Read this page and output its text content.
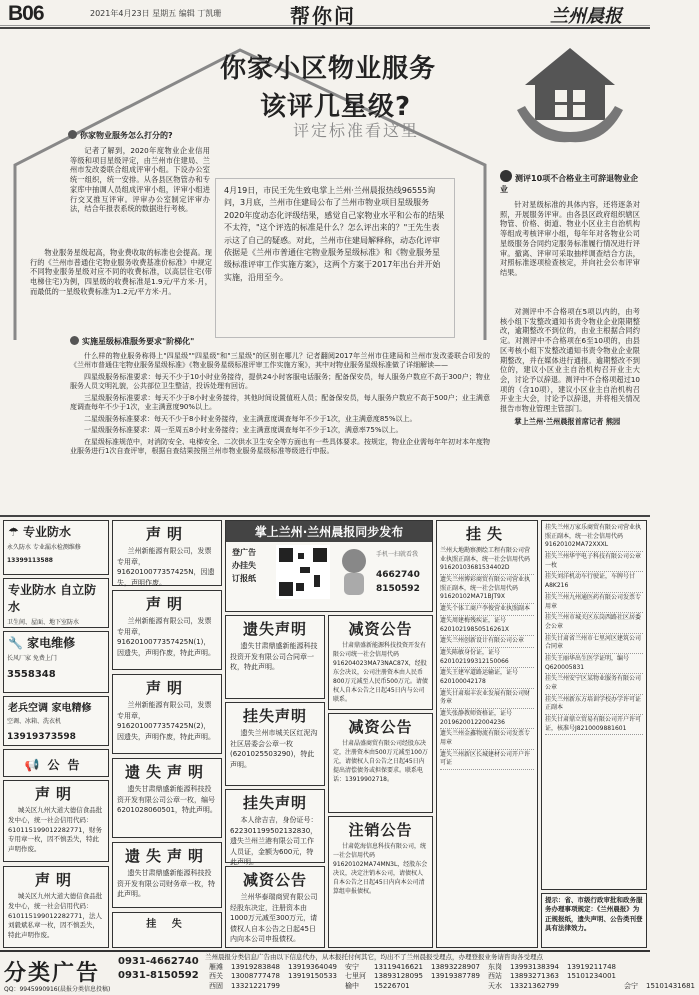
B06	2021年4月23日 星期五 编辑 丁凯珊	帮你问	兰州晨报
你家小区物业服务
该评几星级?
评定标准看这里
你家物业服务怎么打分的?

记者了解到，2020年度物业企业信用等级和项目星级评定，由兰州市住建局、兰州市发改委联合组成评审小组。下设办公室统一组织，统一安排。从各县区物管办和专家库中抽调人员组成评审小组，评审小组进行交叉推互评审。评审办公室制定评审办法，结合年报表系统的数据进行考核。

物业服务星级起高，物业费收取的标准也会提高。现行的《兰州市普通住宅物业服务收费基准价标准》中规定不同物业服务星级对应不同的收费标准，以高层住宅(带电梯住宅)为例，四星级的收费标准是1.9元/平方米·月，而最低的一星级收费标准为1.2元/平方米·月。

4月19日，市民王先生致电掌上兰州·兰州晨报热线96555询问，3月底，兰州市住建局公布了兰州市物业项目星级服务2020年度动态化评级结果，感觉自己家物业水平和公布的结果不太符，"这个评选的标准是什么？怎么评出来的？"王先生表示这了自己的疑惑。对此，兰州市住建局解释称，动态化评审依据是《兰州市普通住宅物业服务星级标准》和《物业服务星级标准评审工作实施方案》，这两个方案于2017年出台并开始实施，沿用至今。
测评10项不合格业主可辞退物业企业

针对星级标准的具体内容，还将逐条对照，开展服务评审。由各县区政府组织辖区物管、价格、街道、物业小区业主自治机构等组成考核评审小组，每年年对各物业公司星级服务合同约定服务标准履行情况进行评审。撤离、评审可采取抽样调查结合方法，对照标准逐项检查核定，并向社会公布评审结果。

对测评中不合格项在5项以内的，由考核小组下发整改通知书责令物业企业限期整改，逾期整改不到位的，由业主根据合同约定。对测评中不合格项在6至10项的，由县区考核小组下发整改通知书责令物业企业限期整改，并在媒体进行通报。逾期整改不到位的，建议小区业主自治机构召开业主大会，讨论予以辞退。测评中不合格项超过10项的（含10项），建议小区业主自治机构召开业主大会，讨论予以辞退，并将相关情况报告市物业管理主管部门。

掌上兰州·兰州晨报首席记者 熊园

实施星级标准服务要求"阶梯化"

什么样的物业服务称得上"四星级""四星级"和"三星级"的区别在哪儿？记者翻阅2017年兰州市住建局和兰州市发改委联合印发的《兰州市普通住宅物业服务星级标准》《物业服务星级标准评审工作实施方案》，其中对物业服务星级标准做了详细解读——

四星级服务标准要求：每天不少于10小时业务接待，提供24小时客服电话服务；配备保安员，每人服务户数应不高于300户；物业服务人员文明礼貌，公共部位卫生整洁，投诉处理有回访。

三星级服务标准要求：每天不少于8小时业务接待，其他时间设置值班人员；配备保安员，每人服务户数应不高于500户；业主满意度调查每年不少于1次，业主满意度90%以上。

二星级服务标准要求：每天不少于8小时业务接待，业主满意度调查每年不少于1次，业主满意度85%以上。

一星级服务标准要求：周一至周五8小时业务接待；业主满意度调查每年不少于1次，满意率75%以上。

在星级标准规范中，对消防安全、电梯安全、二次供水卫生安全等方面也有一些具体要求。按规定，物业企业需每年年初对本年度物业服务进行1次自查评审，根据自查结果按照兰州市物业服务星级标准等级进行申报。

☂ 专业防水
永久防水 专业漏水检测维修
13399113588
专业防水 自立防水
卫生间、屋面、地下室防水
🔧 家电维修
长风厂家 免费上门
3558348
老兵空调 家电精修
空调、冰箱、洗衣机
13919373598
📢公告
声明
城关区九州大道大德信食品批发中心，统一社会信用代码：610115199012282771，财务专用章一枚，因不慎丢失，特此声明作废。
声明
城关区九州大道大德信食品批发中心，统一社会信用代码：610115199012282771，法人刘毅斌私章一枚，因不慎丢失，特此声明作废。
声明
兰州新能源有限公司，发票专用章，9162010077357425N，因遗失，声明作废。
声明
兰州新能源有限公司，发票专用章，9162010077357425N(1)，因遗失，声明作废，特此声明。
声明
兰州新能源有限公司，发票专用章，9162010077357425N(2)，因遗失，声明作废，特此声明。
遗失声明
遗失甘肃鼎盛新能源科技投资开发有限公司公章一枚，编号6201028060501，特此声明。
遗失声明
遗失甘肃鼎盛新能源科技投资开发有限公司财务章一枚，特此声明。
挂 失
掌上兰州·兰州晨报同步发布
登广告
办挂失
订报纸
手机一扫就看我
4662740
8150592
遗失声明
遗失甘肃鼎盛新能源科技投资开发有限公司合同章一枚，特此声明。
挂失声明
遗失兰州市城关区红泥沟社区居委会公章一枚(6201025503290)，特此声明。
挂失声明
本人徐吉吉，身份证号：622301199502132830，遗失兰州兰港有限公司工作人员证，金额为600元，特此声明。
减资公告
兰州华泰瑞商贸有限公司经股东决定，注册资本由1000万元减至300万元，请债权人自本公告之日起45日内向本公司申报债权。
减资公告
甘肃鼎盛新能源科技投资开发有限公司统一社会信用代码916204023MA73NAC87X，经股东会决议，公司注册资本由人民币800万元减至人民币500万元。请债权人自本公告之日起45日内与公司联系。
减资公告
甘肃晶盛商贸有限公司经股东决定，注册资本由500万元减至100万元，请债权人自公告之日起45日内提出清偿债务或担保要求。联系电话：13919902718。
注销公告
甘肃乾海信息科技有限公司，统一社会信用代码91620102MA74MN3L，经股东会决议，决定注销本公司，请债权人自本公告之日起45日内向本公司清算组申报债权。
挂失
兰州大地勘察测绘工程有限公司营业执照正副本，统一社会信用代码91620103681534402D
遗失兰州博彩商贸有限公司营业执照正副本，统一社会信用代码91620102MA71BJT9X
遗失个体工商户李俊营业执照副本
遗失周建梅残疾证，证号62010219850516261X
遗失兰州创新设计有限公司公章
遗失陈敏身份证，证号620102199312150066
遗失王建军道路运输证，证号620100042178
遗失甘肃瑞丰农业发展有限公司财务章
遗失张静教师资格证，证号20196200122004236
遗失兰州金鑫物流有限公司发票专用章
遗失兰州新区长城建材公司开户许可证
挂失兰州万家乐商贸有限公司营业执照正副本，统一社会信用代码91620102MA72XXXL
挂失兰州华宇电子科技有限公司公章一枚
挂失刘洋机动车行驶证，车牌号甘A8K216
挂失兰州九州通医药有限公司发票专用章
挂失兰州市城关区东岗西路社区居委会公章
挂失甘肃省兰州市七里河区建筑公司合同章
挂失王丽华出生医学证明，编号Q620005831
挂失兰州安宁区某物业服务有限公司公章
挂失兰州新东方培训学校办学许可证正副本
挂失甘肃鼎立贸易有限公司开户许可证，核准号J8210009881601
提示：省、市级行政审批和政务服务办理事项规定：《兰州晨报》为正规报纸，遗失声明、公告类刊登具有法律效力。
分类广告 0931-4662740
0931-8150592
QQ：9945990916(晨报分类信息投稿)
兰州晨报分类信息广告由以下信息代办，从本报托付何其它，均出不了兰州晨报受理点，办理登报业务请咨询各受理点
雁滩	13919283848	13919364049	安宁	13119416621	13893228907	东岗	13993138394	13919211748		
西关	13008777478	13919150533	七里河	13893128095	13919387789	西站	13893271363	15101234001		
西固	13321221799		榆中	15226701		天水	13321362799		会宁	15101431681
